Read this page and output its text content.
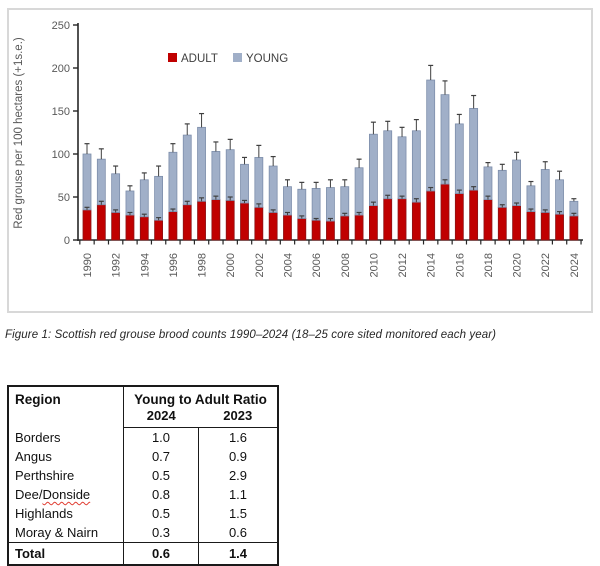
Red grouse per 100 hectares (+1s.e.)
0
50
100
150
200
250
1990 1992 1994 1996 1998 2000 2002 2004 2006 2008 2010 2012 2014 2016 2018 2020 2022 2024
ADULT YOUNG
Figure 1: Scottish red grouse brood counts 1990–2024 (18–25 core sited monitored each year)
Region	Young to Adult Ratio	
	2024	2023
Borders	1.0	1.6
Angus	0.7	0.9
Perthshire	0.5	2.9
Dee/Donside	0.8	1.1
Highlands	0.5	1.5
Moray & Nairn	0.3	0.6
Total	0.6	1.4
